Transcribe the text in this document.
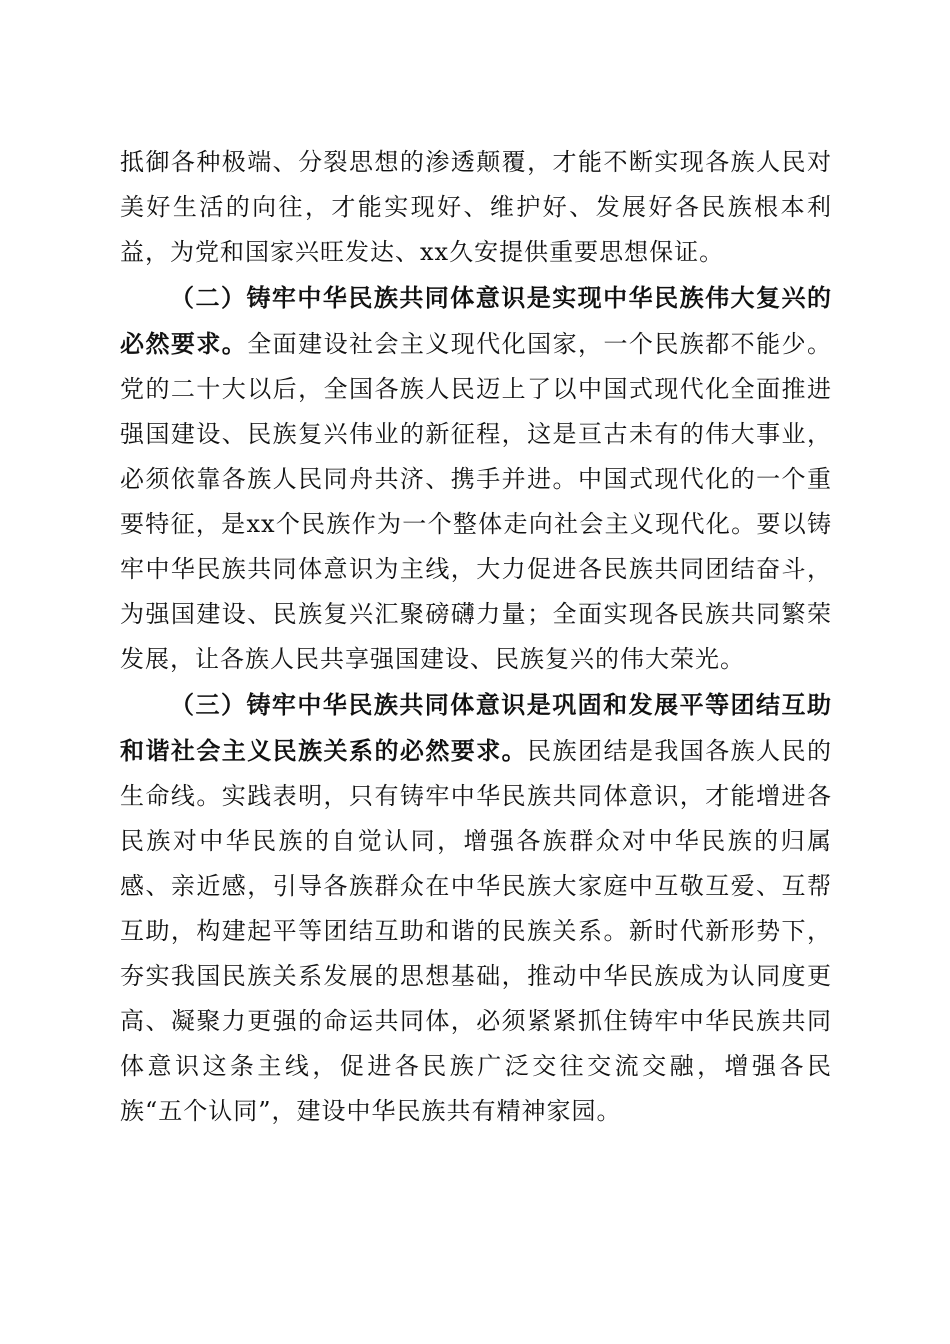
抵御各种极端、分裂思想的渗透颠覆，才能不断实现各族人民对美好生活的向往，才能实现好、维护好、发展好各民族根本利益，为党和国家兴旺发达、xx久安提供重要思想保证。

（二）铸牢中华民族共同体意识是实现中华民族伟大复兴的必然要求。全面建设社会主义现代化国家，一个民族都不能少。党的二十大以后，全国各族人民迈上了以中国式现代化全面推进强国建设、民族复兴伟业的新征程，这是亘古未有的伟大事业，必须依靠各族人民同舟共济、携手并进。中国式现代化的一个重要特征，是xx个民族作为一个整体走向社会主义现代化。要以铸牢中华民族共同体意识为主线，大力促进各民族共同团结奋斗，为强国建设、民族复兴汇聚磅礴力量；全面实现各民族共同繁荣发展，让各族人民共享强国建设、民族复兴的伟大荣光。

（三）铸牢中华民族共同体意识是巩固和发展平等团结互助和谐社会主义民族关系的必然要求。民族团结是我国各族人民的生命线。实践表明，只有铸牢中华民族共同体意识，才能增进各民族对中华民族的自觉认同，增强各族群众对中华民族的归属感、亲近感，引导各族群众在中华民族大家庭中互敬互爱、互帮互助，构建起平等团结互助和谐的民族关系。新时代新形势下，夯实我国民族关系发展的思想基础，推动中华民族成为认同度更高、凝聚力更强的命运共同体，必须紧紧抓住铸牢中华民族共同体意识这条主线，促进各民族广泛交往交流交融，增强各民族“五个认同”，建设中华民族共有精神家园。
